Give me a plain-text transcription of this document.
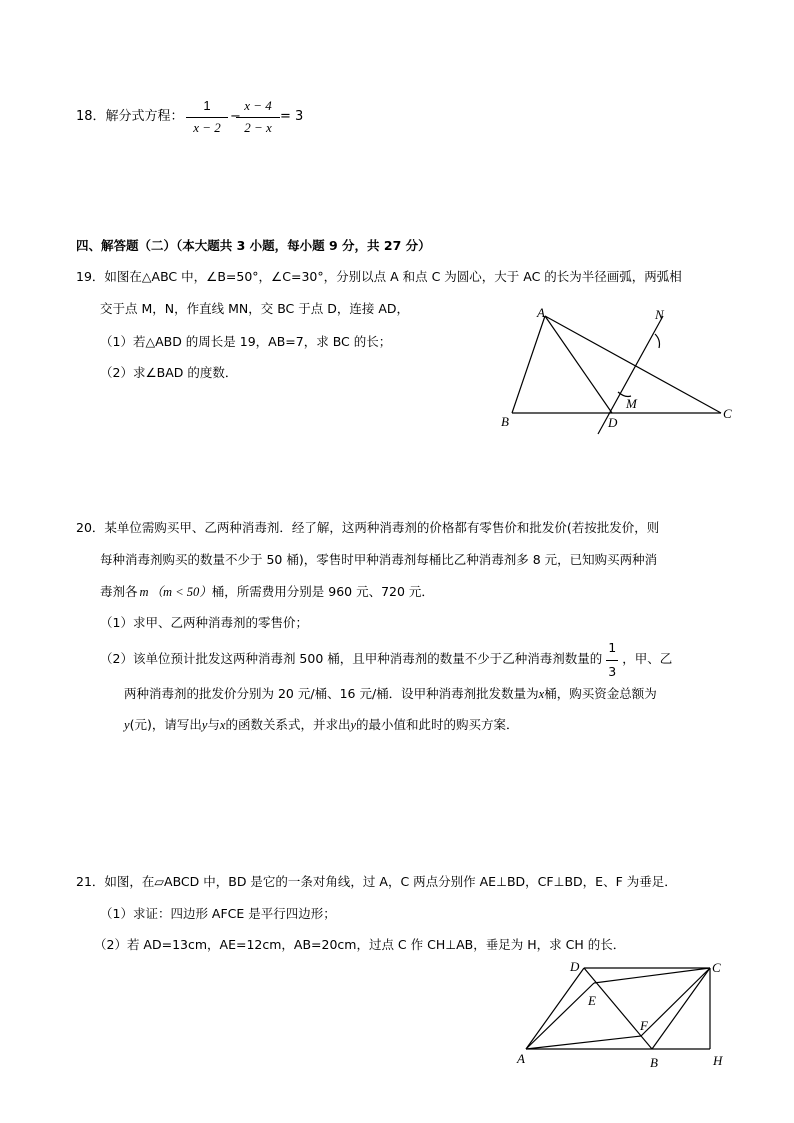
18．解分式方程：
1
x − 2
−
x − 4
2 − x
= 3
四、解答题（二）（本大题共 3 小题，每小题 9 分，共 27 分）
19．如图在△ABC 中，∠B=50°，∠C=30°，分别以点 A 和点 C 为圆心，大于 AC 的长为半径画弧，两弧相
交于点 M，N，作直线 MN，交 BC 于点 D，连接 AD，
（1）若△ABD 的周长是 19，AB=7，求 BC 的长；
（2）求∠BAD 的度数．
A
B
C
D
M
N
20．某单位需购买甲、乙两种消毒剂．经了解，这两种消毒剂的价格都有零售价和批发价(若按批发价，则
每种消毒剂购买的数量不少于 50 桶)，零售时甲种消毒剂每桶比乙种消毒剂多 8 元，已知购买两种消
毒剂各 m （m < 50）桶，所需费用分别是 960 元、720 元．
（1）求甲、乙两种消毒剂的零售价；
（2）该单位预计批发这两种消毒剂 500 桶，且甲种消毒剂的数量不少于乙种消毒剂数量的 $\frac{1}{3}$ ，甲、乙
两种消毒剂的批发价分别为 20 元/桶、16 元/桶．设甲种消毒剂批发数量为x桶，购买资金总额为
y(元)，请写出y与x的函数关系式，并求出y的最小值和此时的购买方案．
21．如图，在▱ABCD 中，BD 是它的一条对角线，过 A，C 两点分别作 AE⊥BD，CF⊥BD，E、F 为垂足．
（1）求证：四边形 AFCE 是平行四边形；
（2）若 AD=13cm，AE=12cm，AB=20cm，过点 C 作 CH⊥AB，垂足为 H，求 CH 的长．
D	C
E
F
A	B	H
